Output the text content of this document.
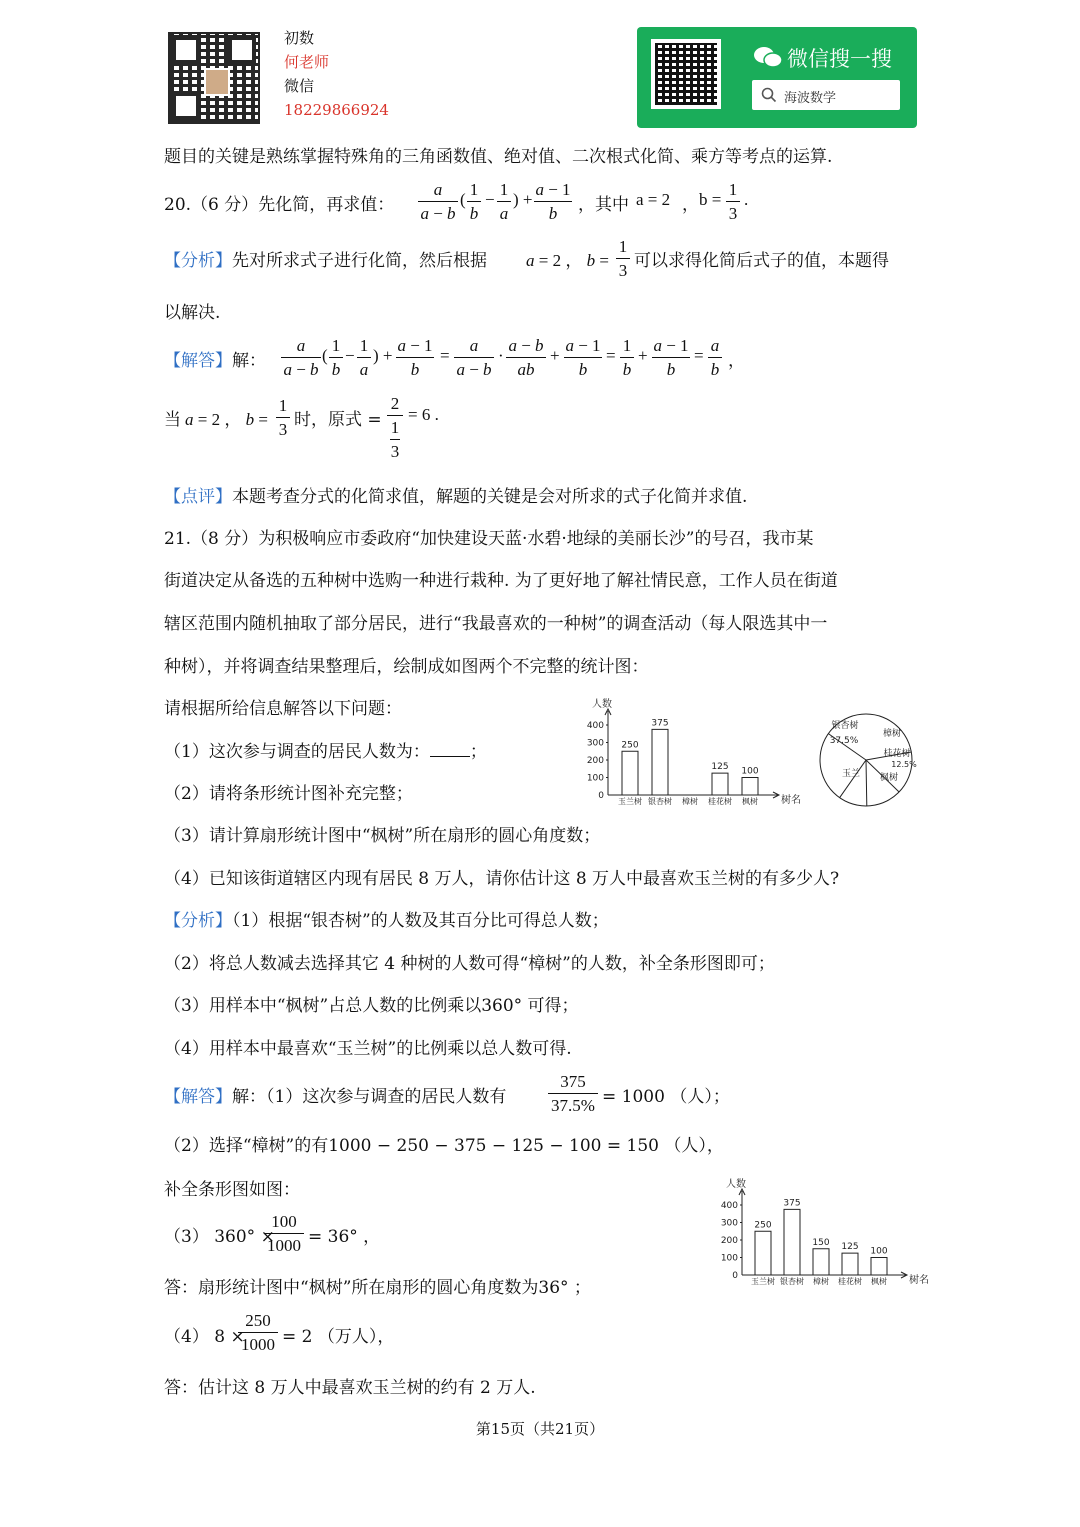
初数
何老师
微信
18229866924
微信搜一搜
海波数学
题目的关键是熟练掌握特殊角的三角函数值、绝对值、二次根式化简、乘方等考点的运算.
20.（6 分）先化简，再求值：
a
a − b
(
1
b
−
1
a
) +
a − 1
b	，其中 a = 2 ， b =
1
3
.
【分析】先对所求式子进行化简，然后根据 a = 2 ， b =
1
3 可以求得化简后式子的值，本题得
以解决.
【解答】解：
a
a − b
(
1
b
−
1
a
) +
a − 1
b
=
a
a − b
·
a − b
ab
+
a − 1
b
=
1
b
+
a − 1
b
=
a
b ，
当 a = 2 ， b =
1
3 时，原式 =
2
1
3
= 6 .
【点评】本题考查分式的化简求值，解题的关键是会对所求的式子化简并求值.
21.（8 分）为积极响应市委政府“加快建设天蓝·水碧·地绿的美丽长沙”的号召，我市某
街道决定从备选的五种树中选购一种进行栽种. 为了更好地了解社情民意，工作人员在街道
辖区范围内随机抽取了部分居民，进行“我最喜欢的一种树”的调查活动（每人限选其中一
种树），并将调查结果整理后，绘制成如图两个不完整的统计图：
请根据所给信息解答以下问题：
（1）这次参与调查的居民人数为： ；
（2）请将条形统计图补充完整；
（3）请计算扇形统计图中“枫树”所在扇形的圆心角度数；
（4）已知该街道辖区内现有居民 8 万人，请你估计这 8 万人中最喜欢玉兰树的有多少人?
人数
树名
0
100
200
300
400
250
玉兰树
375
银杏树 樟树
125
桂花树
100
枫树
银杏树
樟树
桂花树
枫树
玉兰
37.5%
12.5%
【分析】（1）根据“银杏树”的人数及其百分比可得总人数；
（2）将总人数减去选择其它 4 种树的人数可得“樟树”的人数，补全条形图即可；
（3）用样本中“枫树”占总人数的比例乘以360° 可得；
（4）用样本中最喜欢“玉兰树”的比例乘以总人数可得.
【解答】解：（1）这次参与调查的居民人数有
375
37.5% = 1000 （人）；
（2）选择“樟树”的有1000 − 250 − 375 − 125 − 100 = 150 （人），
补全条形图如图：
（3） 360° ×
100
1000 = 36° ，
答：扇形统计图中“枫树”所在扇形的圆心角度数为36° ；
（4） 8 ×
250
1000 = 2 （万人），
答：估计这 8 万人中最喜欢玉兰树的约有 2 万人.
人数
树名
0
100
200
300
400
250
玉兰树
375
银杏树
150
樟树
125
桂花树
100
枫树
第15页（共21页）
